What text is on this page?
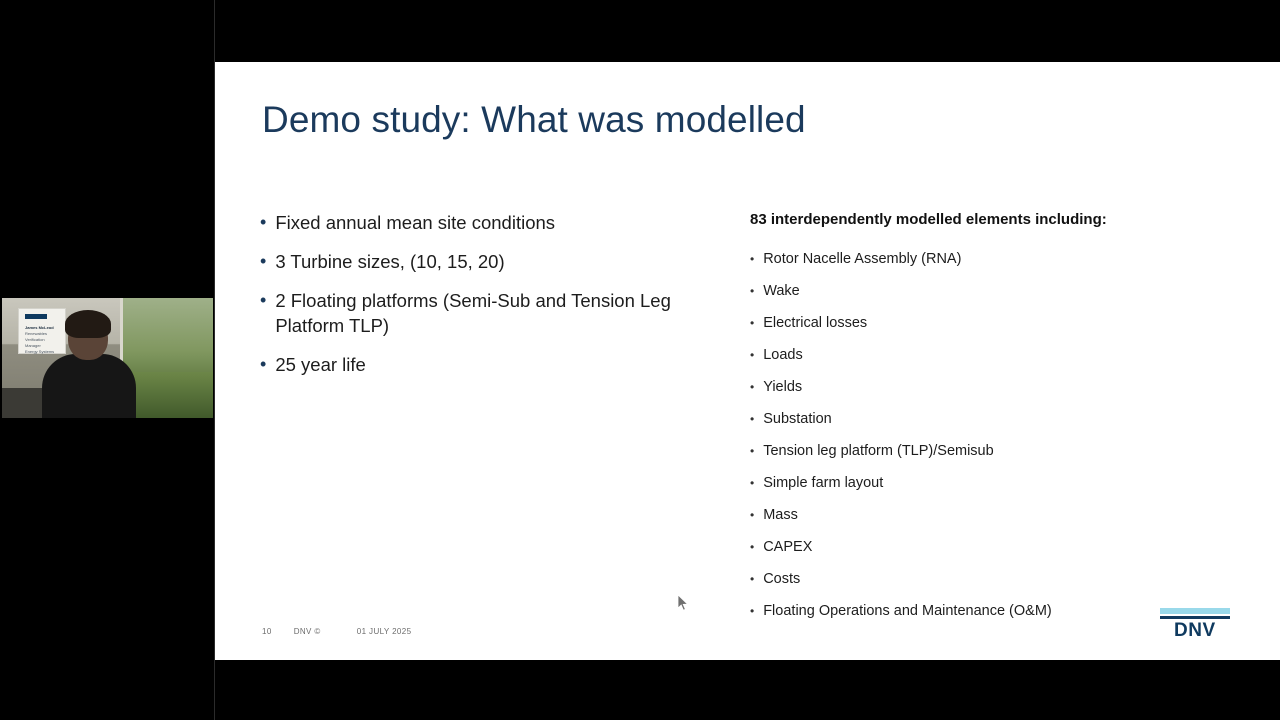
James McLeod
Renewables Verification
Manager
Energy Systems
Demo study: What was modelled
• Fixed annual mean site conditions
• 3 Turbine sizes, (10, 15, 20)
• 2 Floating platforms (Semi-Sub and Tension Leg Platform TLP)
• 25 year life
83 interdependently modelled elements including:
• Rotor Nacelle Assembly (RNA)
• Wake
• Electrical losses
• Loads
• Yields
• Substation
• Tension leg platform (TLP)/Semisub
• Simple farm layout
• Mass
• CAPEX
• Costs
• Floating Operations and Maintenance (O&M)
10	DNV ©	01 JULY 2025	DNV
